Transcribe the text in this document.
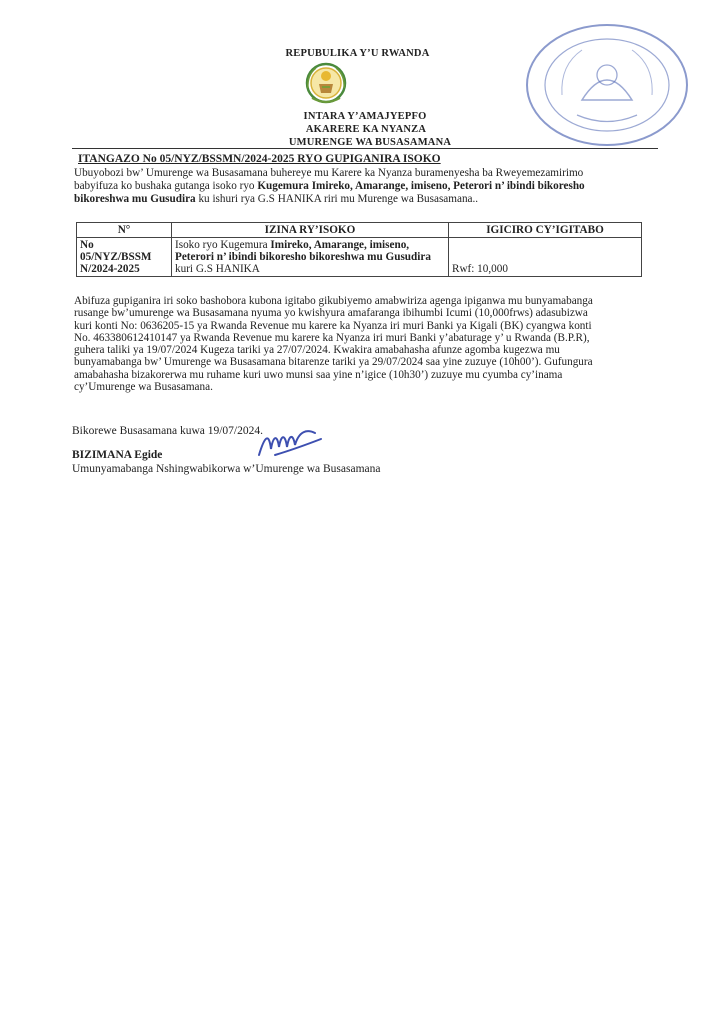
REPUBULIKA Y’U RWANDA
INTARA Y’AMAJYEPFO
AKARERE KA NYANZA
UMURENGE WA BUSASAMANA
ITANGAZO No 05/NYZ/BSSMN/2024-2025 RYO GUPIGANIRA ISOKO
Ubuyobozi bw’ Umurenge wa Busasamana buhereye mu Karere ka Nyanza buramenyesha ba Rweyemezamirimo
babyifuza ko bushaka gutanga isoko ryo Kugemura Imireko, Amarange, imiseno, Peterori n’ ibindi bikoresho
bikoreshwa mu Gusudira ku ishuri rya G.S HANIKA riri mu Murenge wa Busasamana..
N°	IZINA RY’ISOKO	IGICIRO CY’IGITABO

No
05/NYZ/BSSM
N/2024-2025	Isoko ryo Kugemura Imireko, Amarange, imiseno, Peterori n’ ibindi bikoresho bikoreshwa mu Gusudira kuri G.S HANIKA	Rwf: 10,000
Abifuza gupiganira iri soko bashobora kubona igitabo gikubiyemo amabwiriza agenga ipiganwa mu bunyamabanga
rusange bw’umurenge wa Busasamana nyuma yo kwishyura amafaranga ibihumbi Icumi (10,000frws) adasubizwa
kuri konti No: 0636205-15 ya Rwanda Revenue mu karere ka Nyanza iri muri Banki ya Kigali (BK) cyangwa konti
No. 463380612410147 ya Rwanda Revenue mu karere ka Nyanza iri muri Banki y’abaturage y’ u Rwanda (B.P.R),
guhera taliki ya 19/07/2024 Kugeza tariki ya 27/07/2024. Kwakira amabahasha afunze agomba kugezwa mu
bunyamabanga bw’ Umurenge wa Busasamana bitarenze tariki ya 29/07/2024 saa yine zuzuye (10h00’). Gufungura
amabahasha bizakorerwa mu ruhame kuri uwo munsi saa yine n’igice (10h30’) zuzuye mu cyumba cy’inama
cy’Umurenge wa Busasamana.
Bikorewe Busasamana kuwa 19/07/2024.
BIZIMANA Egide
Umunyamabanga Nshingwabikorwa w’Umurenge wa Busasamana
